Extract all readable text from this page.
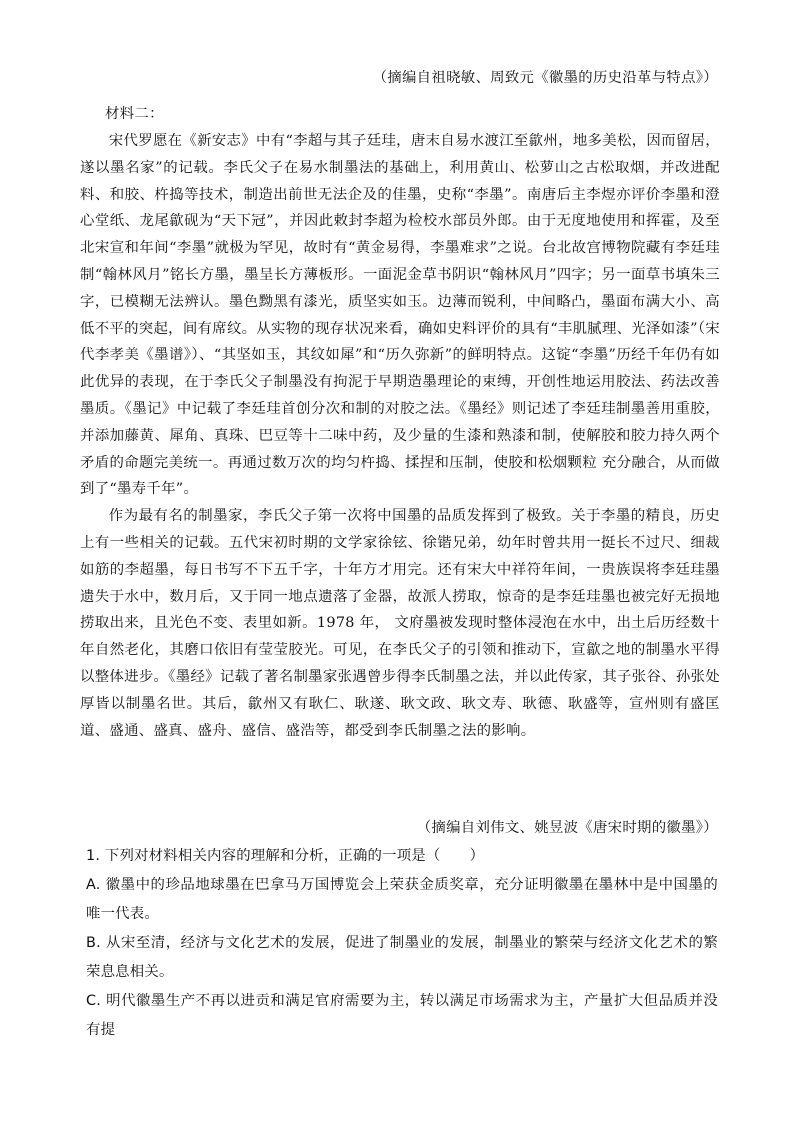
（摘编自祖晓敏、周致元《徽墨的历史沿革与特点》）
材料二：

宋代罗愿在《新安志》中有“李超与其子廷珪，唐末自易水渡江至歙州，地多美松，因而留居，遂以墨名家”的记载。李氏父子在易水制墨法的基础上，利用黄山、松萝山之古松取烟，并改进配料、和胶、杵捣等技术，制造出前世无法企及的佳墨，史称“李墨”。南唐后主李煜亦评价李墨和澄心堂纸、龙尾歙砚为“天下冠”，并因此敕封李超为检校水部员外郎。由于无度地使用和挥霍，及至北宋宣和年间“李墨”就极为罕见，故时有“黄金易得，李墨难求”之说。台北故宫博物院藏有李廷珪制“翰林风月”铭长方墨，墨呈长方薄板形。一面泥金草书阴识“翰林风月”四字；另一面草书填朱三字，已模糊无法辨认。墨色黝黑有漆光，质坚实如玉。边薄而锐利，中间略凸，墨面布满大小、高低不平的突起，间有席纹。从实物的现存状况来看，确如史料评价的具有“丰肌腻理、光泽如漆”（宋代李孝美《墨谱》）、“其坚如玉，其纹如犀”和“历久弥新”的鲜明特点。这锭“李墨”历经千年仍有如此优异的表现，在于李氏父子制墨没有拘泥于早期造墨理论的束缚，开创性地运用胶法、药法改善墨质。《墨记》中记载了李廷珪首创分次和制的对胶之法。《墨经》则记述了李廷珪制墨善用重胶，并添加藤黄、犀角、真珠、巴豆等十二味中药，及少量的生漆和熟漆和制，使解胶和胶力持久两个矛盾的命题完美统一。再通过数万次的均匀杵捣、揉捏和压制，使胶和松烟颗粒 充分融合，从而做到了“墨寿千年”。

作为最有名的制墨家，李氏父子第一次将中国墨的品质发挥到了极致。关于李墨的精良，历史上有一些相关的记载。五代宋初时期的文学家徐铉、徐锴兄弟，幼年时曾共用一挺长不过尺、细裁如筋的李超墨，每日书写不下五千字，十年方才用完。还有宋大中祥符年间，一贵族误将李廷珪墨遗失于水中，数月后，又于同一地点遗落了金器，故派人捞取，惊奇的是李廷珪墨也被完好无损地捞取出来，且光色不变、表里如新。1978 年， 文府墨被发现时整体浸泡在水中，出土后历经数十年自然老化，其磨口依旧有莹莹胶光。可见，在李氏父子的引领和推动下，宣歙之地的制墨水平得以整体进步。《墨经》记载了著名制墨家张遇曾步得李氏制墨之法，并以此传家，其子张谷、孙张处厚皆以制墨名世。其后，歙州又有耿仁、耿遂、耿文政、耿文寿、耿德、耿盛等，宣州则有盛匡道、盛通、盛真、盛舟、盛信、盛浩等，都受到李氏制墨之法的影响。

（摘编自刘伟文、姚昱波《唐宋时期的徽墨》）

1. 下列对材料相关内容的理解和分析，正确的一项是（　　）

A. 徽墨中的珍品地球墨在巴拿马万国博览会上荣获金质奖章，充分证明徽墨在墨林中是中国墨的唯一代表。

B. 从宋至清，经济与文化艺术的发展，促进了制墨业的发展，制墨业的繁荣与经济文化艺术的繁荣息息相关。

C. 明代徽墨生产不再以进贡和满足官府需要为主，转以满足市场需求为主，产量扩大但品质并没有提
